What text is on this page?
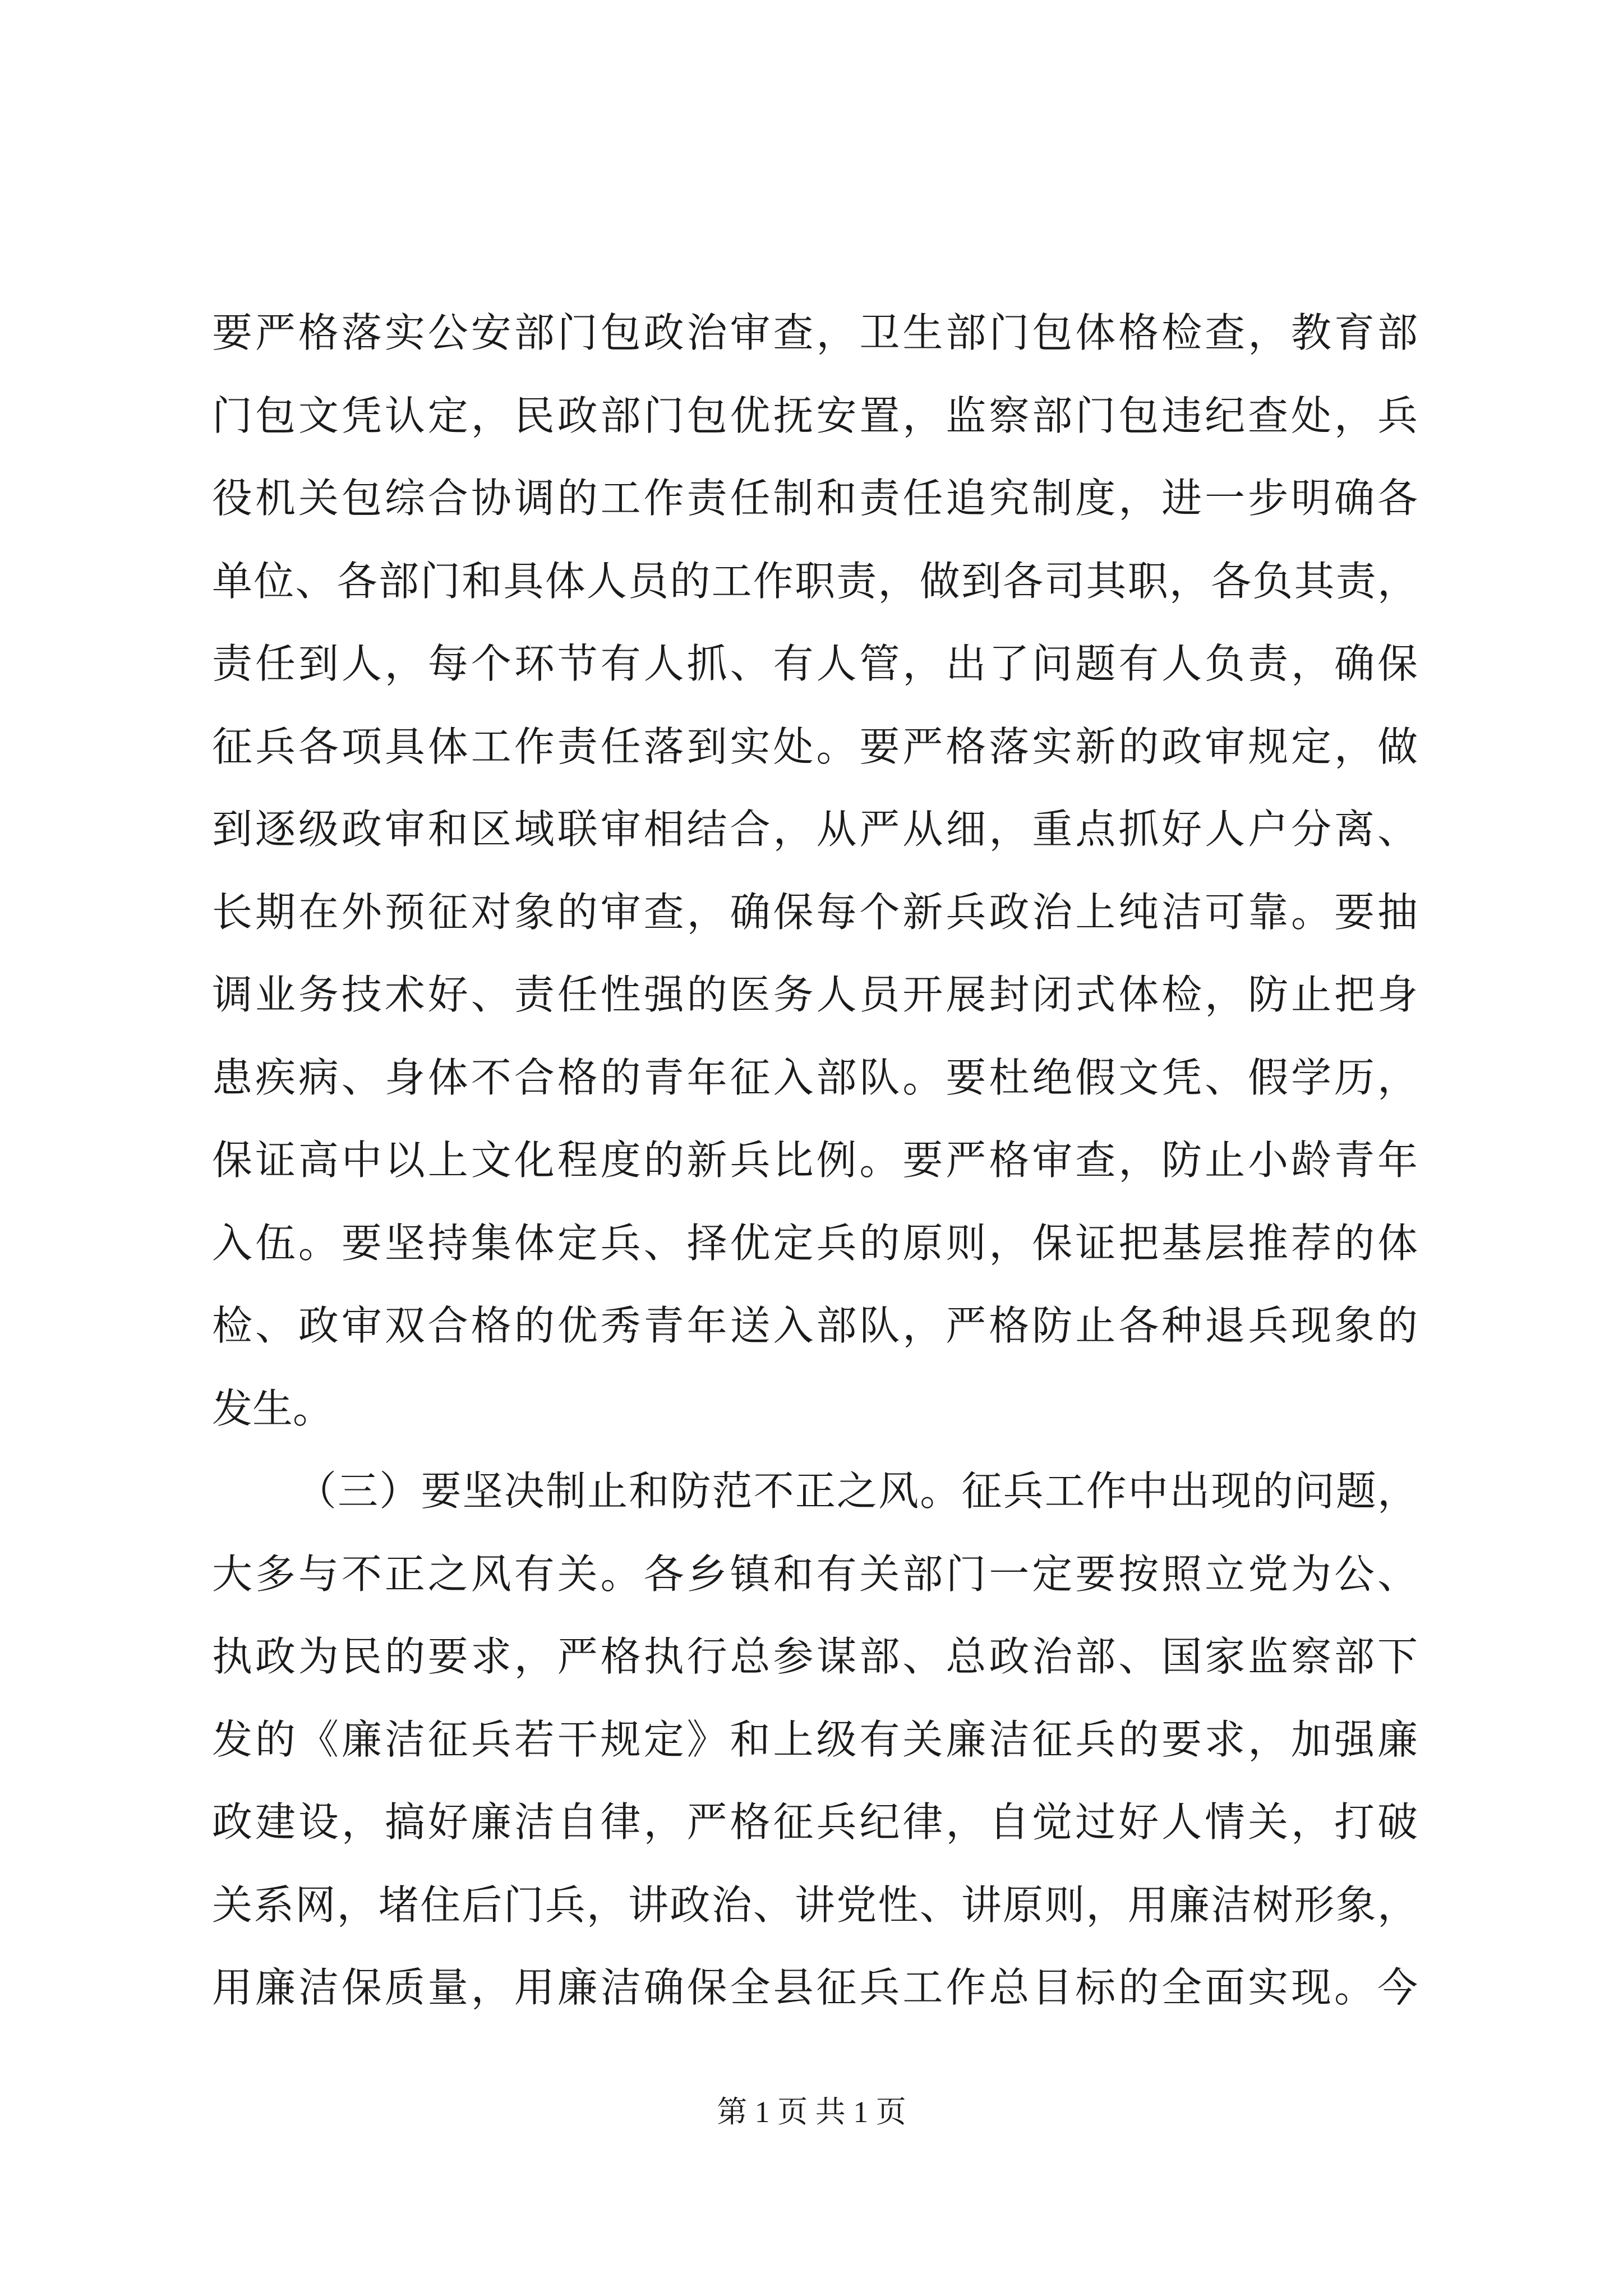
要严格落实公安部门包政治审查，卫生部门包体格检查，教育部
门包文凭认定，民政部门包优抚安置，监察部门包违纪查处，兵
役机关包综合协调的工作责任制和责任追究制度，进一步明确各
单位、各部门和具体人员的工作职责，做到各司其职，各负其责，
责任到人，每个环节有人抓、有人管，出了问题有人负责，确保
征兵各项具体工作责任落到实处。要严格落实新的政审规定，做
到逐级政审和区域联审相结合，从严从细，重点抓好人户分离、
长期在外预征对象的审查，确保每个新兵政治上纯洁可靠。要抽
调业务技术好、责任性强的医务人员开展封闭式体检，防止把身
患疾病、身体不合格的青年征入部队。要杜绝假文凭、假学历，
保证高中以上文化程度的新兵比例。要严格审查，防止小龄青年
入伍。要坚持集体定兵、择优定兵的原则，保证把基层推荐的体
检、政审双合格的优秀青年送入部队，严格防止各种退兵现象的
发生。
（三）要坚决制止和防范不正之风。征兵工作中出现的问题，
大多与不正之风有关。各乡镇和有关部门一定要按照立党为公、
执政为民的要求，严格执行总参谋部、总政治部、国家监察部下
发的《廉洁征兵若干规定》和上级有关廉洁征兵的要求，加强廉
政建设，搞好廉洁自律，严格征兵纪律，自觉过好人情关，打破
关系网，堵住后门兵，讲政治、讲党性、讲原则，用廉洁树形象，
用廉洁保质量，用廉洁确保全县征兵工作总目标的全面实现。今
第 1 页 共 1 页
